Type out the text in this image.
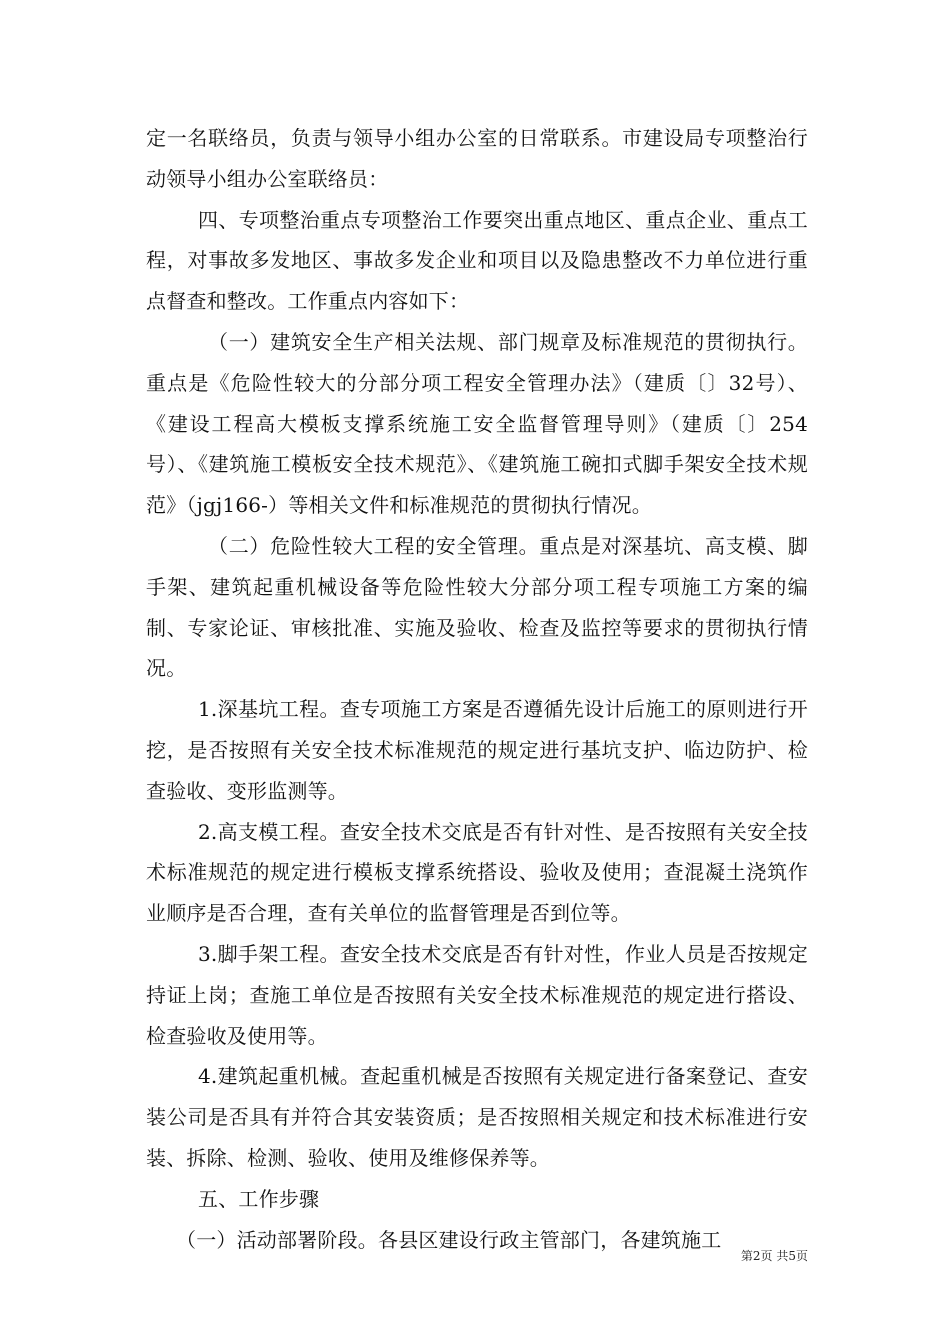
定一名联络员，负责与领导小组办公室的日常联系。市建设局专项整治行动领导小组办公室联络员：

四、专项整治重点专项整治工作要突出重点地区、重点企业、重点工程，对事故多发地区、事故多发企业和项目以及隐患整改不力单位进行重点督查和整改。工作重点内容如下：

（一）建筑安全生产相关法规、部门规章及标准规范的贯彻执行。重点是《危险性较大的分部分项工程安全管理办法》（建质〔〕32号）、《建设工程高大模板支撑系统施工安全监督管理导则》（建质〔〕254号）、《建筑施工模板安全技术规范》、《建筑施工碗扣式脚手架安全技术规范》（jgj166-）等相关文件和标准规范的贯彻执行情况。

（二）危险性较大工程的安全管理。重点是对深基坑、高支模、脚手架、建筑起重机械设备等危险性较大分部分项工程专项施工方案的编制、专家论证、审核批准、实施及验收、检查及监控等要求的贯彻执行情况。

1.深基坑工程。查专项施工方案是否遵循先设计后施工的原则进行开挖，是否按照有关安全技术标准规范的规定进行基坑支护、临边防护、检查验收、变形监测等。

2.高支模工程。查安全技术交底是否有针对性、是否按照有关安全技术标准规范的规定进行模板支撑系统搭设、验收及使用；查混凝土浇筑作业顺序是否合理，查有关单位的监督管理是否到位等。

3.脚手架工程。查安全技术交底是否有针对性，作业人员是否按规定持证上岗；查施工单位是否按照有关安全技术标准规范的规定进行搭设、检查验收及使用等。

4.建筑起重机械。查起重机械是否按照有关规定进行备案登记、查安装公司是否具有并符合其安装资质；是否按照相关规定和技术标准进行安装、拆除、检测、验收、使用及维修保养等。

五、工作步骤

（一）活动部署阶段。各县区建设行政主管部门，各建筑施工

第2页 共5页
